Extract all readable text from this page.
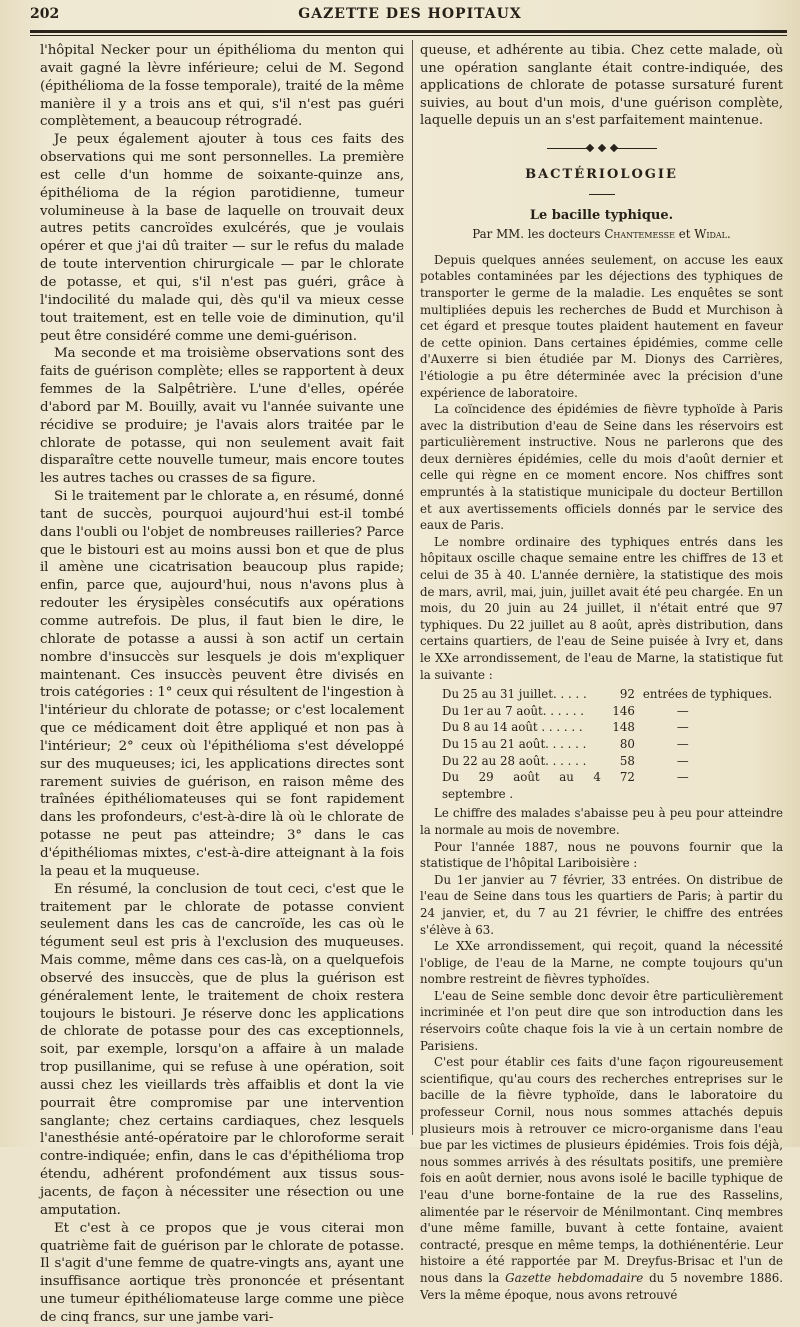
202	GAZETTE DES HOPITAUX

l'hôpital Necker pour un épithélioma du menton qui avait gagné la lèvre inférieure; celui de M. Segond (épithélioma de la fosse temporale), traité de la même manière il y a trois ans et qui, s'il n'est pas guéri complètement, a beaucoup rétrogradé.

Je peux également ajouter à tous ces faits des observations qui me sont personnelles. La première est celle d'un homme de soixante-quinze ans, épithélioma de la région parotidienne, tumeur volumineuse à la base de laquelle on trouvait deux autres petits cancroïdes exulcérés, que je voulais opérer et que j'ai dû traiter — sur le refus du malade de toute intervention chirurgicale — par le chlorate de potasse, et qui, s'il n'est pas guéri, grâce à l'indocilité du malade qui, dès qu'il va mieux cesse tout traitement, est en telle voie de diminution, qu'il peut être considéré comme une demi-guérison.

Ma seconde et ma troisième observations sont des faits de guérison complète; elles se rapportent à deux femmes de la Salpêtrière. L'une d'elles, opérée d'abord par M. Bouilly, avait vu l'année suivante une récidive se produire; je l'avais alors traitée par le chlorate de potasse, qui non seulement avait fait disparaître cette nouvelle tumeur, mais encore toutes les autres taches ou crasses de sa figure.

Si le traitement par le chlorate a, en résumé, donné tant de succès, pourquoi aujourd'hui est-il tombé dans l'oubli ou l'objet de nombreuses railleries? Parce que le bistouri est au moins aussi bon et que de plus il amène une cicatrisation beaucoup plus rapide; enfin, parce que, aujourd'hui, nous n'avons plus à redouter les érysipèles consécutifs aux opérations comme autrefois. De plus, il faut bien le dire, le chlorate de potasse a aussi à son actif un certain nombre d'insuccès sur lesquels je dois m'expliquer maintenant. Ces insuccès peuvent être divisés en trois catégories : 1° ceux qui résultent de l'ingestion à l'intérieur du chlorate de potasse; or c'est localement que ce médicament doit être appliqué et non pas à l'intérieur; 2° ceux où l'épithélioma s'est développé sur des muqueuses; ici, les applications directes sont rarement suivies de guérison, en raison même des traînées épithéliomateuses qui se font rapidement dans les profondeurs, c'est-à-dire là où le chlorate de potasse ne peut pas atteindre; 3° dans le cas d'épithéliomas mixtes, c'est-à-dire atteignant à la fois la peau et la muqueuse.

En résumé, la conclusion de tout ceci, c'est que le traitement par le chlorate de potasse convient seulement dans les cas de cancroïde, les cas où le tégument seul est pris à l'exclusion des muqueuses. Mais comme, même dans ces cas-là, on a quelquefois observé des insuccès, que de plus la guérison est généralement lente, le traitement de choix restera toujours le bistouri. Je réserve donc les applications de chlorate de potasse pour des cas exceptionnels, soit, par exemple, lorsqu'on a affaire à un malade trop pusillanime, qui se refuse à une opération, soit aussi chez les vieillards très affaiblis et dont la vie pourrait être compromise par une intervention sanglante; chez certains cardiaques, chez lesquels l'anesthésie anté-opératoire par le chloroforme serait contre-indiquée; enfin, dans le cas d'épithélioma trop étendu, adhérent profondément aux tissus sous-jacents, de façon à nécessiter une résection ou une amputation.

Et c'est à ce propos que je vous citerai mon quatrième fait de guérison par le chlorate de potasse. Il s'agit d'une femme de quatre-vingts ans, ayant une insuffisance aortique très prononcée et présentant une tumeur épithéliomateuse large comme une pièce de cinq francs, sur une jambe vari-

queuse, et adhérente au tibia. Chez cette malade, où une opération sanglante était contre-indiquée, des applications de chlorate de potasse sursaturé furent suivies, au bout d'un mois, d'une guérison complète, laquelle depuis un an s'est parfaitement maintenue.

BACTÉRIOLOGIE
Le bacille typhique.
Par MM. les docteurs Chantemesse et Widal.

Depuis quelques années seulement, on accuse les eaux potables contaminées par les déjections des typhiques de transporter le germe de la maladie. Les enquêtes se sont multipliées depuis les recherches de Budd et Murchison à cet égard et presque toutes plaident hautement en faveur de cette opinion. Dans certaines épidémies, comme celle d'Auxerre si bien étudiée par M. Dionys des Carrières, l'étiologie a pu être déterminée avec la précision d'une expérience de laboratoire.

La coïncidence des épidémies de fièvre typhoïde à Paris avec la distribution d'eau de Seine dans les réservoirs est particulièrement instructive. Nous ne parlerons que des deux dernières épidémies, celle du mois d'août dernier et celle qui règne en ce moment encore. Nos chiffres sont empruntés à la statistique municipale du docteur Bertillon et aux avertissements officiels donnés par le service des eaux de Paris.

Le nombre ordinaire des typhiques entrés dans les hôpitaux oscille chaque semaine entre les chiffres de 13 et celui de 35 à 40. L'année dernière, la statistique des mois de mars, avril, mai, juin, juillet avait été peu chargée. En un mois, du 20 juin au 24 juillet, il n'était entré que 97 typhiques. Du 22 juillet au 8 août, après distribution, dans certains quartiers, de l'eau de Seine puisée à Ivry et, dans le XXe arrondissement, de l'eau de Marne, la statistique fut la suivante :

Du 25 au 31 juillet. . . . .	92	entrées de typhiques.
Du 1er au 7 août. . . . . .	146	—
Du 8 au 14 août . . . . . .	148	—
Du 15 au 21 août. . . . . .	80	—
Du 22 au 28 août. . . . . .	58	—
Du 29 août au 4 septembre .	72	—

Le chiffre des malades s'abaisse peu à peu pour atteindre la normale au mois de novembre.

Pour l'année 1887, nous ne pouvons fournir que la statistique de l'hôpital Lariboisière :

Du 1er janvier au 7 février, 33 entrées. On distribue de l'eau de Seine dans tous les quartiers de Paris; à partir du 24 janvier, et, du 7 au 21 février, le chiffre des entrées s'élève à 63.

Le XXe arrondissement, qui reçoit, quand la nécessité l'oblige, de l'eau de la Marne, ne compte toujours qu'un nombre restreint de fièvres typhoïdes.

L'eau de Seine semble donc devoir être particulièrement incriminée et l'on peut dire que son introduction dans les réservoirs coûte chaque fois la vie à un certain nombre de Parisiens.

C'est pour établir ces faits d'une façon rigoureusement scientifique, qu'au cours des recherches entreprises sur le bacille de la fièvre typhoïde, dans le laboratoire du professeur Cornil, nous nous sommes attachés depuis plusieurs mois à retrouver ce micro-organisme dans l'eau bue par les victimes de plusieurs épidémies. Trois fois déjà, nous sommes arrivés à des résultats positifs, une première fois en août dernier, nous avons isolé le bacille typhique de l'eau d'une borne-fontaine de la rue des Rasselins, alimentée par le réservoir de Ménilmontant. Cinq membres d'une même famille, buvant à cette fontaine, avaient contracté, presque en même temps, la dothiénentérie. Leur histoire a été rapportée par M. Dreyfus-Brisac et l'un de nous dans la Gazette hebdomadaire du 5 novembre 1886. Vers la même époque, nous avons retrouvé
